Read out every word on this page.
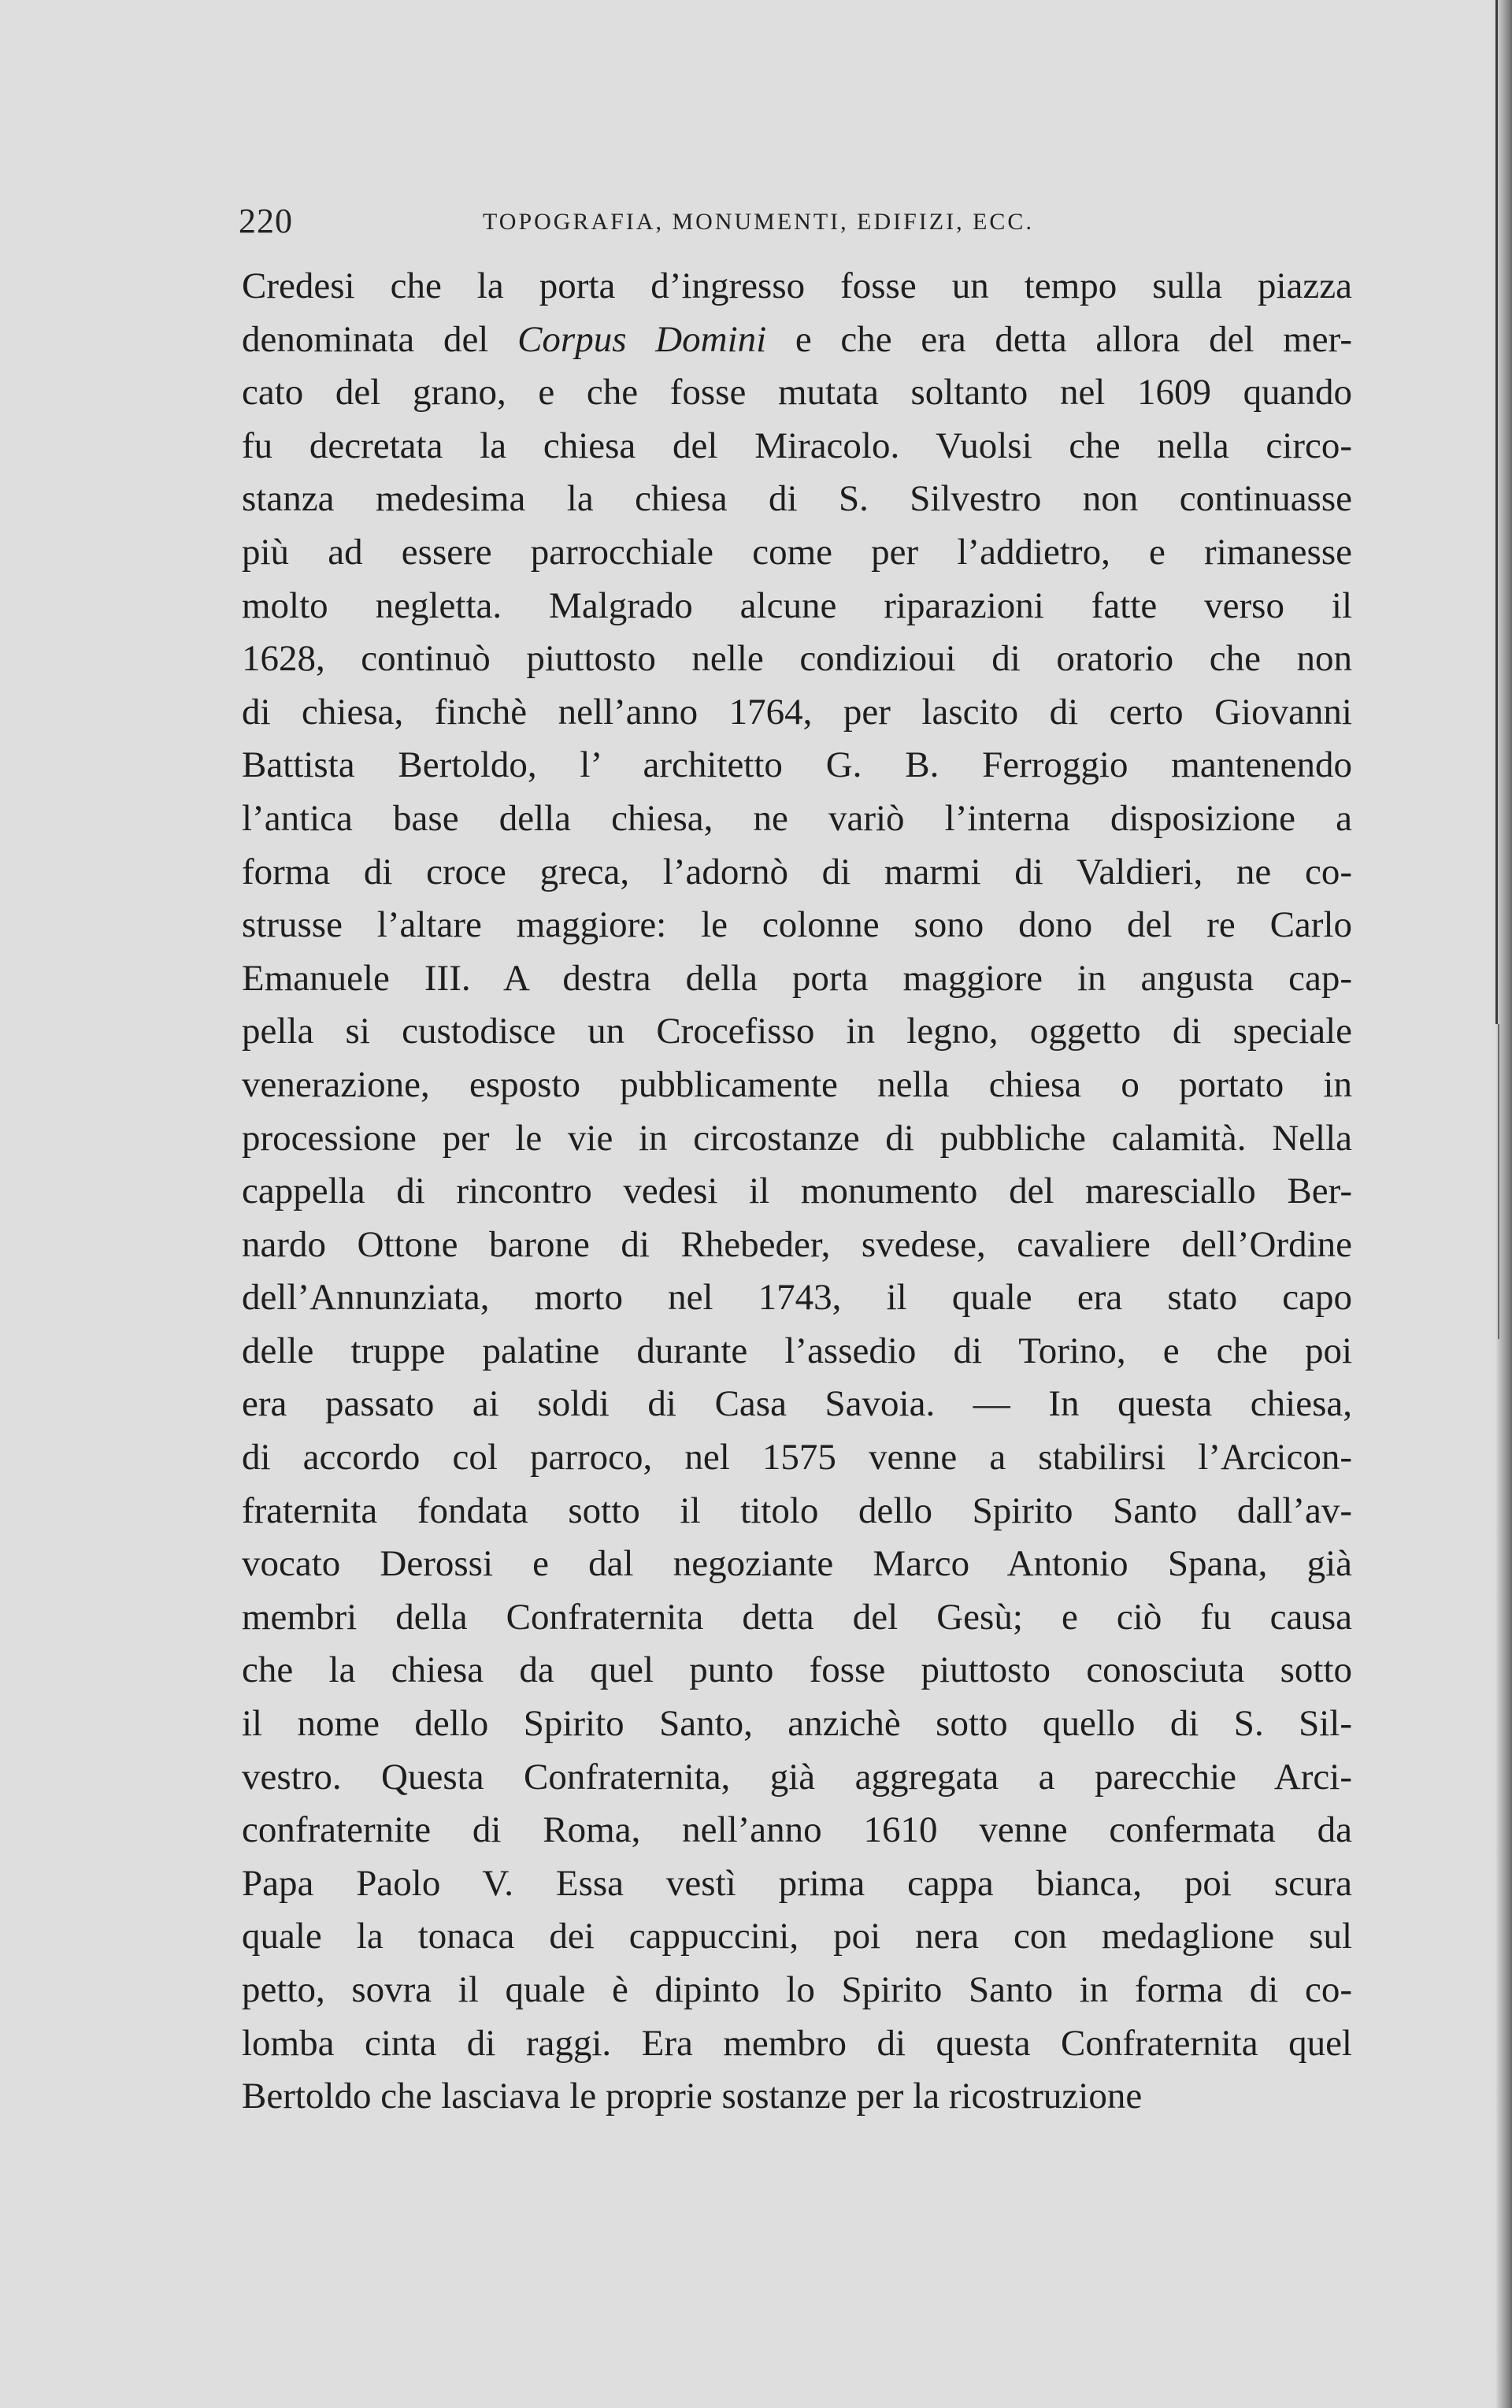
220	TOPOGRAFIA, MONUMENTI, EDIFIZI, ECC.
Credesi che la porta d’ingresso fosse un tempo sulla piazza
denominata del Corpus Domini e che era detta allora del mer-
cato del grano, e che fosse mutata soltanto nel 1609 quando
fu decretata la chiesa del Miracolo. Vuolsi che nella circo-
stanza medesima la chiesa di S. Silvestro non continuasse
più ad essere parrocchiale come per l’addietro, e rimanesse
molto negletta. Malgrado alcune riparazioni fatte verso il
1628, continuò piuttosto nelle condizioui di oratorio che non
di chiesa, finchè nell’anno 1764, per lascito di certo Giovanni
Battista Bertoldo, l’ architetto G. B. Ferroggio mantenendo
l’antica base della chiesa, ne variò l’interna disposizione a
forma di croce greca, l’adornò di marmi di Valdieri, ne co-
strusse l’altare maggiore: le colonne sono dono del re Carlo
Emanuele III. A destra della porta maggiore in angusta cap-
pella si custodisce un Crocefisso in legno, oggetto di speciale
venerazione, esposto pubblicamente nella chiesa o portato in
processione per le vie in circostanze di pubbliche calamità. Nella
cappella di rincontro vedesi il monumento del maresciallo Ber-
nardo Ottone barone di Rhebeder, svedese, cavaliere dell’Ordine
dell’Annunziata, morto nel 1743, il quale era stato capo
delle truppe palatine durante l’assedio di Torino, e che poi
era passato ai soldi di Casa Savoia. — In questa chiesa,
di accordo col parroco, nel 1575 venne a stabilirsi l’Arcicon-
fraternita fondata sotto il titolo dello Spirito Santo dall’av-
vocato Derossi e dal negoziante Marco Antonio Spana, già
membri della Confraternita detta del Gesù; e ciò fu causa
che la chiesa da quel punto fosse piuttosto conosciuta sotto
il nome dello Spirito Santo, anzichè sotto quello di S. Sil-
vestro. Questa Confraternita, già aggregata a parecchie Arci-
confraternite di Roma, nell’anno 1610 venne confermata da
Papa Paolo V. Essa vestì prima cappa bianca, poi scura
quale la tonaca dei cappuccini, poi nera con medaglione sul
petto, sovra il quale è dipinto lo Spirito Santo in forma di co-
lomba cinta di raggi. Era membro di questa Confraternita quel
Bertoldo che lasciava le proprie sostanze per la ricostruzione
